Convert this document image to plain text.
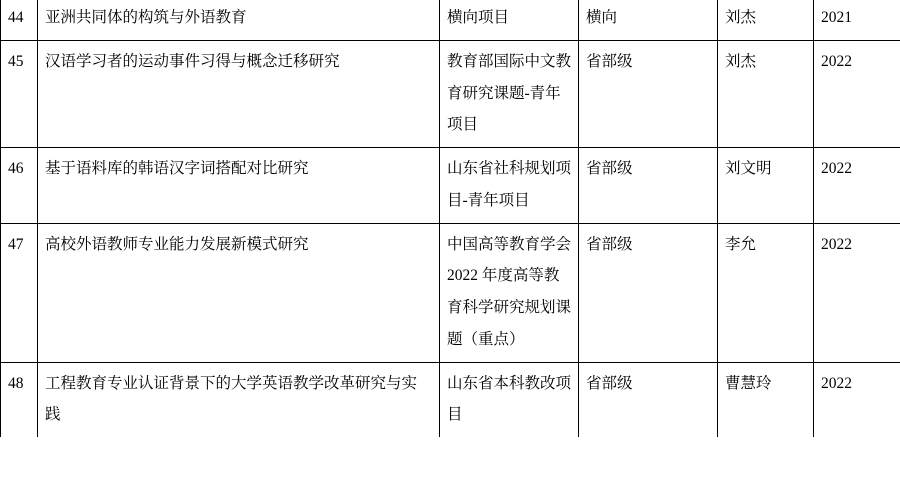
44	亚洲共同体的构筑与外语教育	横向项目	横向	刘杰	2021
45	汉语学习者的运动事件习得与概念迁移研究	教育部国际中文教育研究课题-青年项目	省部级	刘杰	2022
46	基于语料库的韩语汉字词搭配对比研究	山东省社科规划项目-青年项目	省部级	刘文明	2022
47	高校外语教师专业能力发展新模式研究	中国高等教育学会 2022 年度高等教育科学研究规划课题（重点）	省部级	李允	2022
48	工程教育专业认证背景下的大学英语教学改革研究与实践	山东省本科教改项目	省部级	曹慧玲	2022
